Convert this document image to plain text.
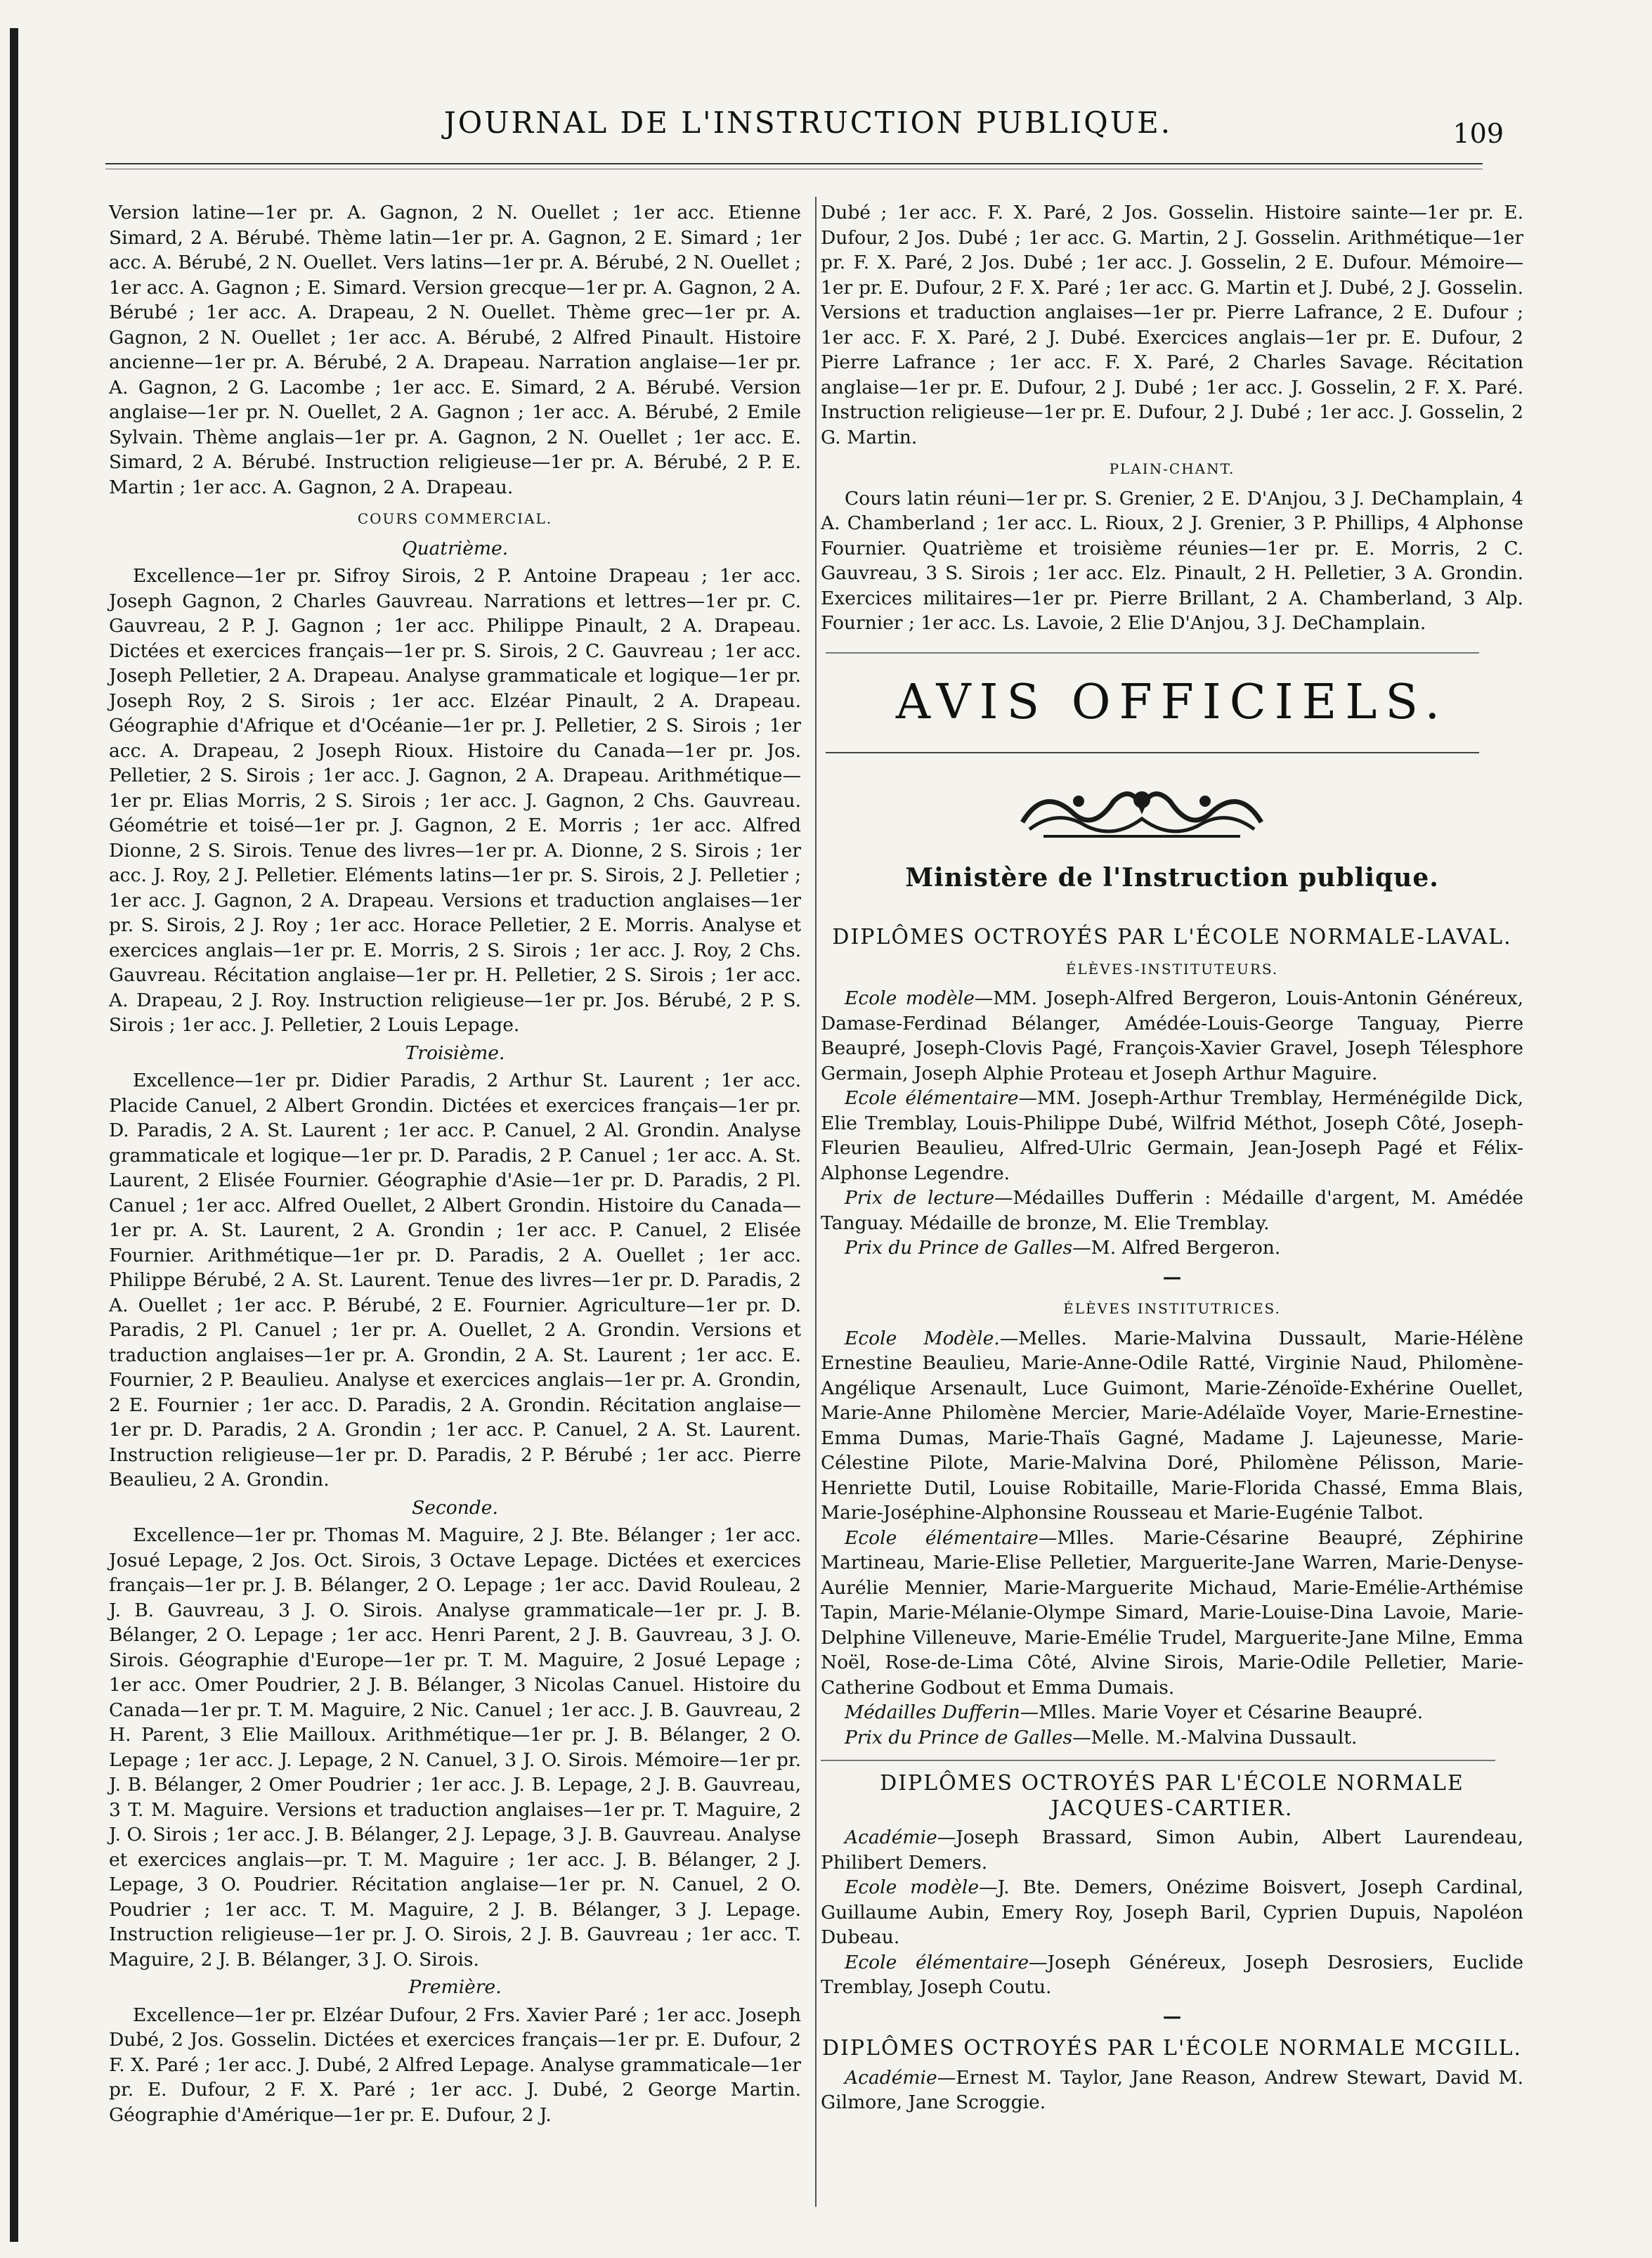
JOURNAL DE L'INSTRUCTION PUBLIQUE.	109

Version latine—1er pr. A. Gagnon, 2 N. Ouellet ; 1er acc. Etienne Simard, 2 A. Bérubé. Thème latin—1er pr. A. Gagnon, 2 E. Simard ; 1er acc. A. Bérubé, 2 N. Ouellet. Vers latins—1er pr. A. Bérubé, 2 N. Ouellet ; 1er acc. A. Gagnon ; E. Simard. Version grecque—1er pr. A. Gagnon, 2 A. Bérubé ; 1er acc. A. Drapeau, 2 N. Ouellet. Thème grec—1er pr. A. Gagnon, 2 N. Ouellet ; 1er acc. A. Bérubé, 2 Alfred Pinault. Histoire ancienne—1er pr. A. Bérubé, 2 A. Drapeau. Narration anglaise—1er pr. A. Gagnon, 2 G. Lacombe ; 1er acc. E. Simard, 2 A. Bérubé. Version anglaise—1er pr. N. Ouellet, 2 A. Gagnon ; 1er acc. A. Bérubé, 2 Emile Sylvain. Thème anglais—1er pr. A. Gagnon, 2 N. Ouellet ; 1er acc. E. Simard, 2 A. Bérubé. Instruction religieuse—1er pr. A. Bérubé, 2 P. E. Martin ; 1er acc. A. Gagnon, 2 A. Drapeau.

COURS COMMERCIAL.
Quatrième.

Excellence—1er pr. Sifroy Sirois, 2 P. Antoine Drapeau ; 1er acc. Joseph Gagnon, 2 Charles Gauvreau. Narrations et lettres—1er pr. C. Gauvreau, 2 P. J. Gagnon ; 1er acc. Philippe Pinault, 2 A. Drapeau. Dictées et exercices français—1er pr. S. Sirois, 2 C. Gauvreau ; 1er acc. Joseph Pelletier, 2 A. Drapeau. Analyse grammaticale et logique—1er pr. Joseph Roy, 2 S. Sirois ; 1er acc. Elzéar Pinault, 2 A. Drapeau. Géographie d'Afrique et d'Océanie—1er pr. J. Pelletier, 2 S. Sirois ; 1er acc. A. Drapeau, 2 Joseph Rioux. Histoire du Canada—1er pr. Jos. Pelletier, 2 S. Sirois ; 1er acc. J. Gagnon, 2 A. Drapeau. Arithmétique—1er pr. Elias Morris, 2 S. Sirois ; 1er acc. J. Gagnon, 2 Chs. Gauvreau. Géométrie et toisé—1er pr. J. Gagnon, 2 E. Morris ; 1er acc. Alfred Dionne, 2 S. Sirois. Tenue des livres—1er pr. A. Dionne, 2 S. Sirois ; 1er acc. J. Roy, 2 J. Pelletier. Eléments latins—1er pr. S. Sirois, 2 J. Pelletier ; 1er acc. J. Gagnon, 2 A. Drapeau. Versions et traduction anglaises—1er pr. S. Sirois, 2 J. Roy ; 1er acc. Horace Pelletier, 2 E. Morris. Analyse et exercices anglais—1er pr. E. Morris, 2 S. Sirois ; 1er acc. J. Roy, 2 Chs. Gauvreau. Récitation anglaise—1er pr. H. Pelletier, 2 S. Sirois ; 1er acc. A. Drapeau, 2 J. Roy. Instruction religieuse—1er pr. Jos. Bérubé, 2 P. S. Sirois ; 1er acc. J. Pelletier, 2 Louis Lepage.

Troisième.

Excellence—1er pr. Didier Paradis, 2 Arthur St. Laurent ; 1er acc. Placide Canuel, 2 Albert Grondin. Dictées et exercices français—1er pr. D. Paradis, 2 A. St. Laurent ; 1er acc. P. Canuel, 2 Al. Grondin. Analyse grammaticale et logique—1er pr. D. Paradis, 2 P. Canuel ; 1er acc. A. St. Laurent, 2 Elisée Fournier. Géographie d'Asie—1er pr. D. Paradis, 2 Pl. Canuel ; 1er acc. Alfred Ouellet, 2 Albert Grondin. Histoire du Canada—1er pr. A. St. Laurent, 2 A. Grondin ; 1er acc. P. Canuel, 2 Elisée Fournier. Arithmétique—1er pr. D. Paradis, 2 A. Ouellet ; 1er acc. Philippe Bérubé, 2 A. St. Laurent. Tenue des livres—1er pr. D. Paradis, 2 A. Ouellet ; 1er acc. P. Bérubé, 2 E. Fournier. Agriculture—1er pr. D. Paradis, 2 Pl. Canuel ; 1er pr. A. Ouellet, 2 A. Grondin. Versions et traduction anglaises—1er pr. A. Grondin, 2 A. St. Laurent ; 1er acc. E. Fournier, 2 P. Beaulieu. Analyse et exercices anglais—1er pr. A. Grondin, 2 E. Fournier ; 1er acc. D. Paradis, 2 A. Grondin. Récitation anglaise—1er pr. D. Paradis, 2 A. Grondin ; 1er acc. P. Canuel, 2 A. St. Laurent. Instruction religieuse—1er pr. D. Paradis, 2 P. Bérubé ; 1er acc. Pierre Beaulieu, 2 A. Grondin.

Seconde.

Excellence—1er pr. Thomas M. Maguire, 2 J. Bte. Bélanger ; 1er acc. Josué Lepage, 2 Jos. Oct. Sirois, 3 Octave Lepage. Dictées et exercices français—1er pr. J. B. Bélanger, 2 O. Lepage ; 1er acc. David Rouleau, 2 J. B. Gauvreau, 3 J. O. Sirois. Analyse grammaticale—1er pr. J. B. Bélanger, 2 O. Lepage ; 1er acc. Henri Parent, 2 J. B. Gauvreau, 3 J. O. Sirois. Géographie d'Europe—1er pr. T. M. Maguire, 2 Josué Lepage ; 1er acc. Omer Poudrier, 2 J. B. Bélanger, 3 Nicolas Canuel. Histoire du Canada—1er pr. T. M. Maguire, 2 Nic. Canuel ; 1er acc. J. B. Gauvreau, 2 H. Parent, 3 Elie Mailloux. Arithmétique—1er pr. J. B. Bélanger, 2 O. Lepage ; 1er acc. J. Lepage, 2 N. Canuel, 3 J. O. Sirois. Mémoire—1er pr. J. B. Bélanger, 2 Omer Poudrier ; 1er acc. J. B. Lepage, 2 J. B. Gauvreau, 3 T. M. Maguire. Versions et traduction anglaises—1er pr. T. Maguire, 2 J. O. Sirois ; 1er acc. J. B. Bélanger, 2 J. Lepage, 3 J. B. Gauvreau. Analyse et exercices anglais—pr. T. M. Maguire ; 1er acc. J. B. Bélanger, 2 J. Lepage, 3 O. Poudrier. Récitation anglaise—1er pr. N. Canuel, 2 O. Poudrier ; 1er acc. T. M. Maguire, 2 J. B. Bélanger, 3 J. Lepage. Instruction religieuse—1er pr. J. O. Sirois, 2 J. B. Gauvreau ; 1er acc. T. Maguire, 2 J. B. Bélanger, 3 J. O. Sirois.

Première.

Excellence—1er pr. Elzéar Dufour, 2 Frs. Xavier Paré ; 1er acc. Joseph Dubé, 2 Jos. Gosselin. Dictées et exercices français—1er pr. E. Dufour, 2 F. X. Paré ; 1er acc. J. Dubé, 2 Alfred Lepage. Analyse grammaticale—1er pr. E. Dufour, 2 F. X. Paré ; 1er acc. J. Dubé, 2 George Martin. Géographie d'Amérique—1er pr. E. Dufour, 2 J.

Dubé ; 1er acc. F. X. Paré, 2 Jos. Gosselin. Histoire sainte—1er pr. E. Dufour, 2 Jos. Dubé ; 1er acc. G. Martin, 2 J. Gosselin. Arithmétique—1er pr. F. X. Paré, 2 Jos. Dubé ; 1er acc. J. Gosselin, 2 E. Dufour. Mémoire—1er pr. E. Dufour, 2 F. X. Paré ; 1er acc. G. Martin et J. Dubé, 2 J. Gosselin. Versions et traduction anglaises—1er pr. Pierre Lafrance, 2 E. Dufour ; 1er acc. F. X. Paré, 2 J. Dubé. Exercices anglais—1er pr. E. Dufour, 2 Pierre Lafrance ; 1er acc. F. X. Paré, 2 Charles Savage. Récitation anglaise—1er pr. E. Dufour, 2 J. Dubé ; 1er acc. J. Gosselin, 2 F. X. Paré. Instruction religieuse—1er pr. E. Dufour, 2 J. Dubé ; 1er acc. J. Gosselin, 2 G. Martin.

PLAIN-CHANT.

Cours latin réuni—1er pr. S. Grenier, 2 E. D'Anjou, 3 J. DeChamplain, 4 A. Chamberland ; 1er acc. L. Rioux, 2 J. Grenier, 3 P. Phillips, 4 Alphonse Fournier. Quatrième et troisième réunies—1er pr. E. Morris, 2 C. Gauvreau, 3 S. Sirois ; 1er acc. Elz. Pinault, 2 H. Pelletier, 3 A. Grondin. Exercices militaires—1er pr. Pierre Brillant, 2 A. Chamberland, 3 Alp. Fournier ; 1er acc. Ls. Lavoie, 2 Elie D'Anjou, 3 J. DeChamplain.

AVIS OFFICIELS.
Ministère de l'Instruction publique.
DIPLÔMES OCTROYÉS PAR L'ÉCOLE NORMALE-LAVAL.
ÉLÈVES-INSTITUTEURS.

Ecole modèle—MM. Joseph-Alfred Bergeron, Louis-Antonin Généreux, Damase-Ferdinad Bélanger, Amédée-Louis-George Tanguay, Pierre Beaupré, Joseph-Clovis Pagé, François-Xavier Gravel, Joseph Télesphore Germain, Joseph Alphie Proteau et Joseph Arthur Maguire.

Ecole élémentaire—MM. Joseph-Arthur Tremblay, Herménégilde Dick, Elie Tremblay, Louis-Philippe Dubé, Wilfrid Méthot, Joseph Côté, Joseph-Fleurien Beaulieu, Alfred-Ulric Germain, Jean-Joseph Pagé et Félix-Alphonse Legendre.

Prix de lecture—Médailles Dufferin : Médaille d'argent, M. Amédée Tanguay. Médaille de bronze, M. Elie Tremblay.

Prix du Prince de Galles—M. Alfred Bergeron.

—
ÉLÈVES INSTITUTRICES.

Ecole Modèle.—Melles. Marie-Malvina Dussault, Marie-Hélène Ernestine Beaulieu, Marie-Anne-Odile Ratté, Virginie Naud, Philomène-Angélique Arsenault, Luce Guimont, Marie-Zénoïde-Exhérine Ouellet, Marie-Anne Philomène Mercier, Marie-Adélaïde Voyer, Marie-Ernestine-Emma Dumas, Marie-Thaïs Gagné, Madame J. Lajeunesse, Marie-Célestine Pilote, Marie-Malvina Doré, Philomène Pélisson, Marie-Henriette Dutil, Louise Robitaille, Marie-Florida Chassé, Emma Blais, Marie-Joséphine-Alphonsine Rousseau et Marie-Eugénie Talbot.

Ecole élémentaire—Mlles. Marie-Césarine Beaupré, Zéphirine Martineau, Marie-Elise Pelletier, Marguerite-Jane Warren, Marie-Denyse-Aurélie Mennier, Marie-Marguerite Michaud, Marie-Emélie-Arthémise Tapin, Marie-Mélanie-Olympe Simard, Marie-Louise-Dina Lavoie, Marie-Delphine Villeneuve, Marie-Emélie Trudel, Marguerite-Jane Milne, Emma Noël, Rose-de-Lima Côté, Alvine Sirois, Marie-Odile Pelletier, Marie-Catherine Godbout et Emma Dumais.

Médailles Dufferin—Mlles. Marie Voyer et Césarine Beaupré.

Prix du Prince de Galles—Melle. M.-Malvina Dussault.

DIPLÔMES OCTROYÉS PAR L'ÉCOLE NORMALE JACQUES-CARTIER.

Académie—Joseph Brassard, Simon Aubin, Albert Laurendeau, Philibert Demers.

Ecole modèle—J. Bte. Demers, Onézime Boisvert, Joseph Cardinal, Guillaume Aubin, Emery Roy, Joseph Baril, Cyprien Dupuis, Napoléon Dubeau.

Ecole élémentaire—Joseph Généreux, Joseph Desrosiers, Euclide Tremblay, Joseph Coutu.

—
DIPLÔMES OCTROYÉS PAR L'ÉCOLE NORMALE MCGILL.

Académie—Ernest M. Taylor, Jane Reason, Andrew Stewart, David M. Gilmore, Jane Scroggie.
